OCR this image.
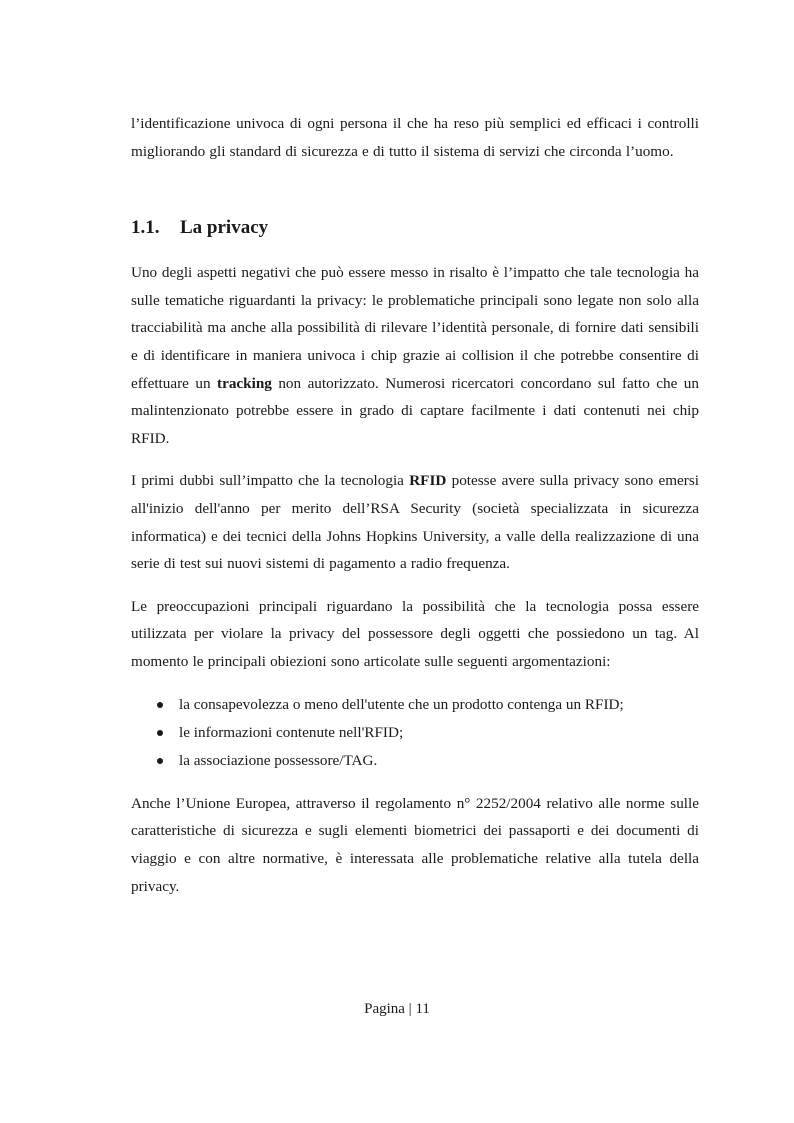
l’identificazione univoca di ogni persona il che ha reso più semplici ed efficaci i controlli migliorando gli standard di sicurezza e di tutto il sistema di servizi che circonda l’uomo.

1.1.	La privacy

Uno degli aspetti negativi che può essere messo in risalto è l’impatto che tale tecnologia ha sulle tematiche riguardanti la privacy: le problematiche principali sono legate non solo alla tracciabilità ma anche alla possibilità di rilevare l’identità personale, di fornire dati sensibili e di identificare in maniera univoca i chip grazie ai collision il che potrebbe consentire di effettuare un tracking non autorizzato. Numerosi ricercatori concordano sul fatto che un malintenzionato potrebbe essere in grado di captare facilmente i dati contenuti nei chip RFID.

I primi dubbi sull’impatto che la tecnologia RFID potesse avere sulla privacy sono emersi all'inizio dell'anno per merito dell’RSA Security (società specializzata in sicurezza informatica) e dei tecnici della Johns Hopkins University, a valle della realizzazione di una serie di test sui nuovi sistemi di pagamento a radio frequenza.

Le preoccupazioni principali riguardano la possibilità che la tecnologia possa essere utilizzata per violare la privacy del possessore degli oggetti che possiedono un tag. Al momento le principali obiezioni sono articolate sulle seguenti argomentazioni:

la consapevolezza o meno dell'utente che un prodotto contenga un RFID;
le informazioni contenute nell'RFID;
la associazione possessore/TAG.

Anche l’Unione Europea, attraverso il regolamento n° 2252/2004 relativo alle norme sulle caratteristiche di sicurezza e sugli elementi biometrici dei passaporti e dei documenti di viaggio e con altre normative, è interessata alle problematiche relative alla tutela della privacy.

Pagina | 11
